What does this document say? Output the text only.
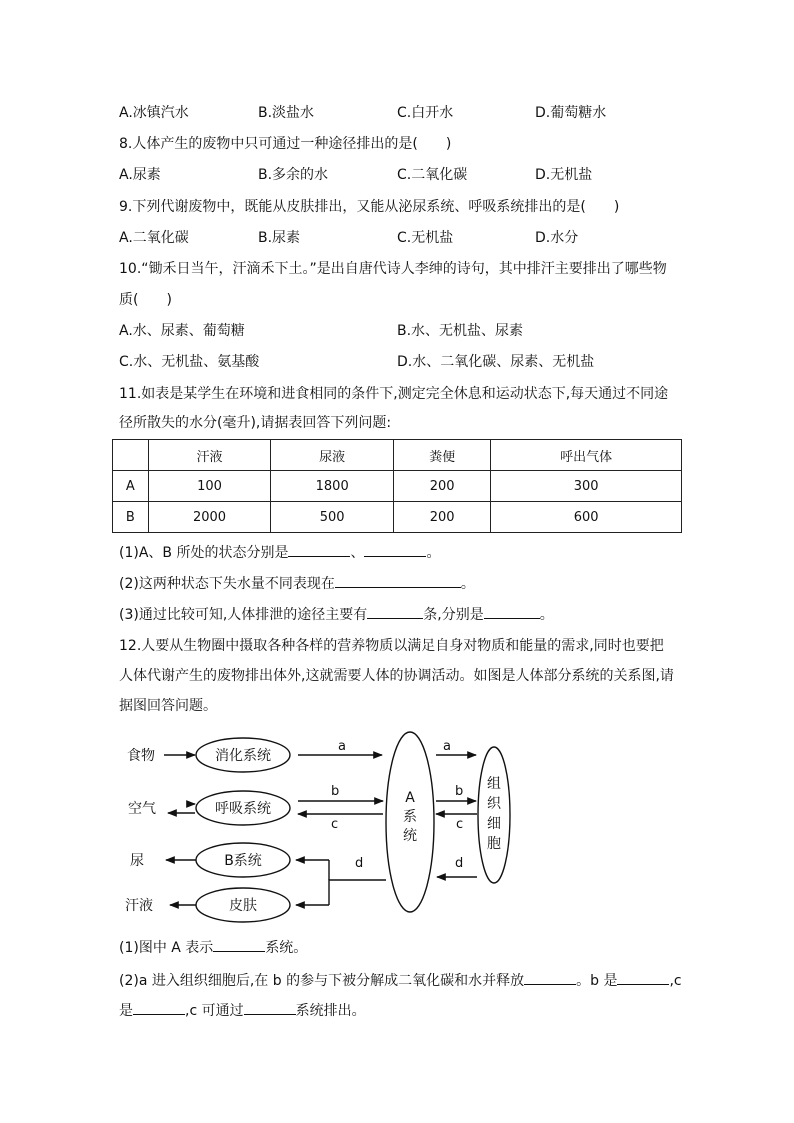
A.冰镇汽水	B.淡盐水	C.白开水	D.葡萄糖水
8.人体产生的废物中只可通过一种途径排出的是(　　)
A.尿素	B.多余的水	C.二氧化碳	D.无机盐
9.下列代谢废物中，既能从皮肤排出，又能从泌尿系统、呼吸系统排出的是(　　)
A.二氧化碳	B.尿素	C.无机盐	D.水分
10.“锄禾日当午，汗滴禾下土。”是出自唐代诗人李绅的诗句，其中排汗主要排出了哪些物
质(　　)
A.水、尿素、葡萄糖	B.水、无机盐、尿素
C.水、无机盐、氨基酸	D.水、二氧化碳、尿素、无机盐
11.如表是某学生在环境和进食相同的条件下,测定完全休息和运动状态下,每天通过不同途
径所散失的水分(毫升),请据表回答下列问题:
	汗液	尿液	粪便	呼出气体
A	100	1800	200	300
B	2000	500	200	600
(1)A、B 所处的状态分别是	、	。
(2)这两种状态下失水量不同表现在	。
(3)通过比较可知,人体排泄的途径主要有	条,分别是	。
12.人要从生物圈中摄取各种各样的营养物质以满足自身对物质和能量的需求,同时也要把
人体代谢产生的废物排出体外,这就需要人体的协调活动。如图是人体部分系统的关系图,请
据图回答问题。
食物
空气
尿
汗液
消化系统
呼吸系统
B系统
皮肤
A
系
统
组
织
细
胞
a	a
b
c
b
c
d	d
(1)图中 A 表示	系统。
(2)a 进入组织细胞后,在 b 的参与下被分解成二氧化碳和水并释放	。b 是	,c
是	,c 可通过	系统排出。
